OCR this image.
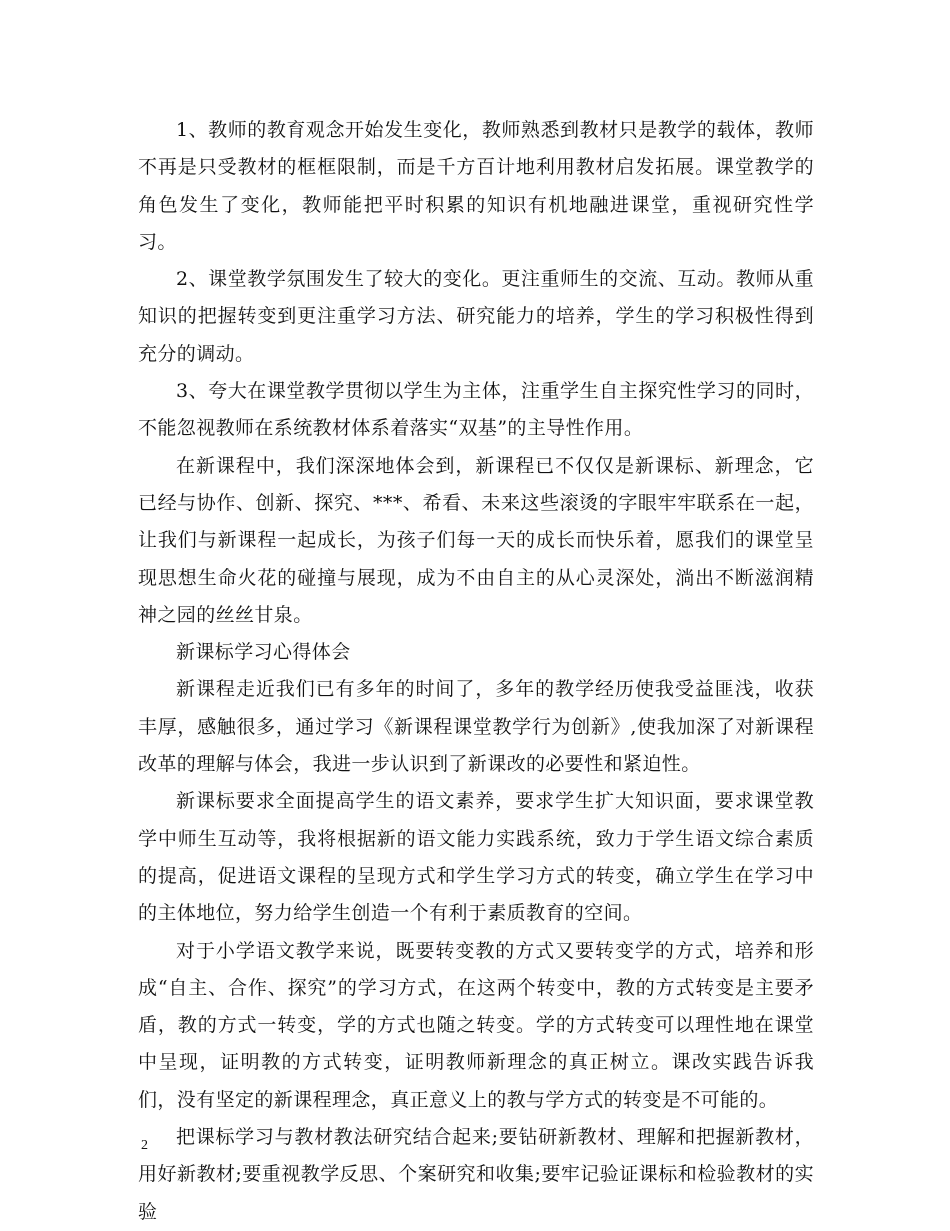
1、教师的教育观念开始发生变化，教师熟悉到教材只是教学的载体，教师不再是只受教材的框框限制，而是千方百计地利用教材启发拓展。课堂教学的角色发生了变化，教师能把平时积累的知识有机地融进课堂，重视研究性学习。

2、课堂教学氛围发生了较大的变化。更注重师生的交流、互动。教师从重知识的把握转变到更注重学习方法、研究能力的培养，学生的学习积极性得到充分的调动。

3、夸大在课堂教学贯彻以学生为主体，注重学生自主探究性学习的同时，不能忽视教师在系统教材体系着落实“双基”的主导性作用。

在新课程中，我们深深地体会到，新课程已不仅仅是新课标、新理念，它已经与协作、创新、探究、***、希看、未来这些滚烫的字眼牢牢联系在一起，让我们与新课程一起成长，为孩子们每一天的成长而快乐着，愿我们的课堂呈现思想生命火花的碰撞与展现，成为不由自主的从心灵深处，淌出不断滋润精神之园的丝丝甘泉。

新课标学习心得体会

新课程走近我们已有多年的时间了，多年的教学经历使我受益匪浅，收获丰厚，感触很多，通过学习《新课程课堂教学行为创新》,使我加深了对新课程改革的理解与体会，我进一步认识到了新课改的必要性和紧迫性。

新课标要求全面提高学生的语文素养，要求学生扩大知识面，要求课堂教学中师生互动等，我将根据新的语文能力实践系统，致力于学生语文综合素质的提高，促进语文课程的呈现方式和学生学习方式的转变，确立学生在学习中的主体地位，努力给学生创造一个有利于素质教育的空间。

对于小学语文教学来说，既要转变教的方式又要转变学的方式，培养和形成“自主、合作、探究”的学习方式，在这两个转变中，教的方式转变是主要矛盾，教的方式一转变，学的方式也随之转变。学的方式转变可以理性地在课堂中呈现，证明教的方式转变，证明教师新理念的真正树立。课改实践告诉我们，没有坚定的新课程理念，真正意义上的教与学方式的转变是不可能的。

把课标学习与教材教法研究结合起来;要钻研新教材、理解和把握新教材，用好新教材;要重视教学反思、个案研究和收集;要牢记验证课标和检验教材的实验

2
